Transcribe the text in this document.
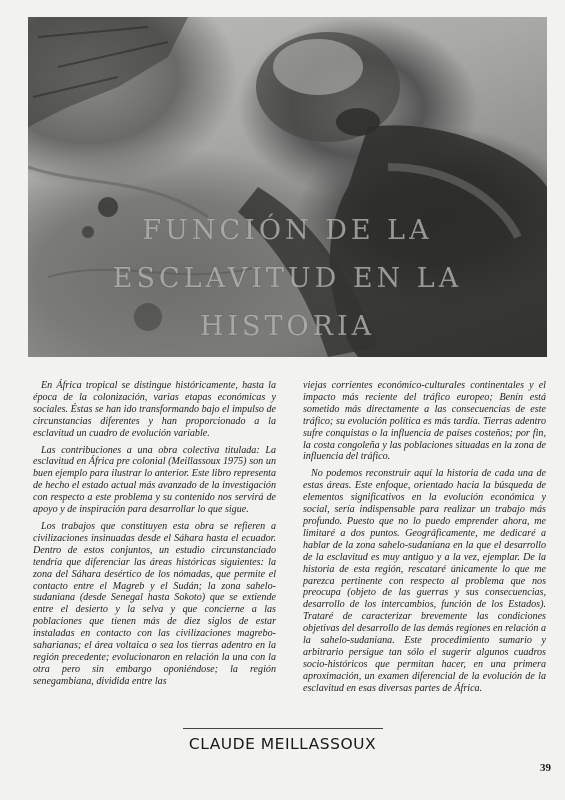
FUNCIÓN DE LA
ESCLAVITUD EN LA HISTORIA

En África tropical se distingue históricamente, hasta la época de la colonización, varias etapas económicas y sociales. Éstas se han ido transformando bajo el impulso de circunstancias diferentes y han proporcionado a la esclavitud un cuadro de evolución variable.

Las contribuciones a una obra colectiva titulada: La esclavitud en África pre colonial (Meillassoux 1975) son un buen ejemplo para ilustrar lo anterior. Este libro representa de hecho el estado actual más avanzado de la investigación con respecto a este problema y su contenido nos servirá de apoyo y de inspiración para desarrollar lo que sigue.

Los trabajos que constituyen esta obra se refieren a civilizaciones insinuadas desde el Sáhara hasta el ecuador. Dentro de estos conjuntos, un estudio circunstanciado tendría que diferenciar las áreas históricas siguientes: la zona del Sáhara desértico de los nómadas, que permite el contacto entre el Magreb y el Sudán; la zona sahelo-sudaniana (desde Senegal hasta Sokoto) que se extiende entre el desierto y la selva y que concierne a las poblaciones que tienen más de diez siglos de estar instaladas en contacto con las civilizaciones magrebo-saharianas; el área voltaica o sea los tierras adentro en la región precedente; evolucionaron en relación la una con la otra pero sin embargo oponiéndose; la región senegambiana, dividida entre las

viejas corrientes económico-culturales continentales y el impacto más reciente del tráfico europeo; Benín está sometido más directamente a las consecuencias de este tráfico; su evolución política es más tardía. Tierras adentro sufre conquistas o la influencia de países costeños; por fin, la costa congoleña y las poblaciones situadas en la zona de influencia del tráfico.

No podemos reconstruir aquí la historia de cada una de estas áreas. Este enfoque, orientado hacia la búsqueda de elementos significativos en la evolución económica y social, sería indispensable para realizar un trabajo más profundo. Puesto que no lo puedo emprender ahora, me limitaré a dos puntos. Geográficamente, me dedicaré a hablar de la zona sahelo-sudaniana en la que el desarrollo de la esclavitud es muy antiguo y a la vez, ejemplar. De la historia de esta región, rescataré únicamente lo que me parezca pertinente con respecto al problema que nos preocupa (objeto de las guerras y sus consecuencias, desarrollo de los intercambios, función de los Estados). Trataré de caracterizar brevemente las condiciones objetivas del desarrollo de las demás regiones en relación a la sahelo-sudaniana. Este procedimiento sumario y arbitrario persigue tan sólo el sugerir algunos cuadros socio-históricos que permitan hacer, en una primera aproximación, un examen diferencial de la evolución de la esclavitud en esas diversas partes de África.

CLAUDE MEILLASSOUX
39
